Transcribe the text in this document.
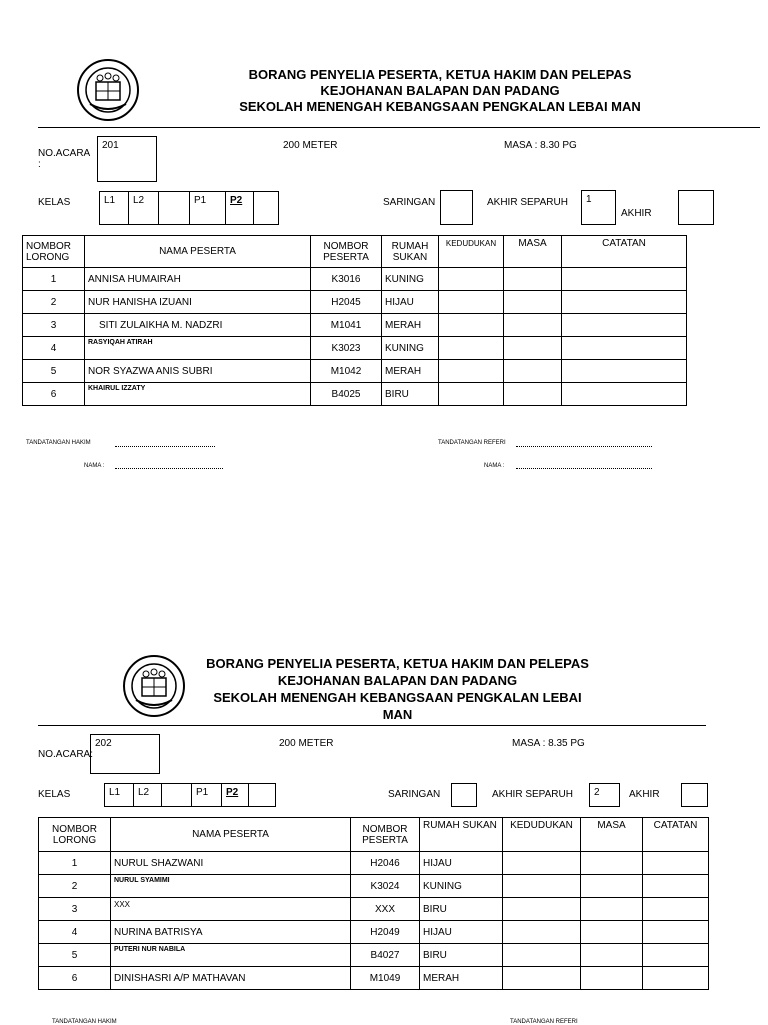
BORANG PENYELIA PESERTA, KETUA HAKIM DAN PELEPAS
KEJOHANAN BALAPAN DAN PADANG
SEKOLAH MENENGAH KEBANGSAAN PENGKALAN LEBAI MAN
NO.ACARA :
201	200 METER	MASA : 8.30 PG
KELAS	L1	L2	P1	P2	SARINGAN	AKHIR SEPARUH	1
AKHIR
NOMBOR LORONG	NAMA PESERTA	NOMBOR PESERTA	RUMAH SUKAN	KEDUDUKAN	MASA	CATATAN
1	ANNISA HUMAIRAH	K3016	KUNING			
2	NUR HANISHA IZUANI	H2045	HIJAU			
3	SITI ZULAIKHA M. NADZRI	M1041	MERAH			
4	RASYIQAH ATIRAH	K3023	KUNING			
5	NOR SYAZWA ANIS SUBRI	M1042	MERAH			
6	KHAIRUL IZZATY	B4025	BIRU			
TANDATANGAN HAKIM
NAMA :
TANDATANGAN REFERI
NAMA :
BORANG PENYELIA PESERTA, KETUA HAKIM DAN PELEPAS
KEJOHANAN BALAPAN DAN PADANG
SEKOLAH MENENGAH KEBANGSAAN PENGKALAN LEBAI
MAN
NO.ACARA:
202	200 METER	MASA : 8.35 PG
KELAS	L1	L2	P1	P2	SARINGAN	AKHIR SEPARUH	2	AKHIR
NOMBOR LORONG	NAMA PESERTA	NOMBOR PESERTA	RUMAH SUKAN	KEDUDUKAN	MASA	CATATAN
1	NURUL SHAZWANI	H2046	HIJAU			
2	NURUL SYAMIMI	K3024	KUNING			
3	XXX	XXX	BIRU			
4	NURINA BATRISYA	H2049	HIJAU			
5	PUTERI NUR NABILA	B4027	BIRU			
6	DINISHASRI A/P MATHAVAN	M1049	MERAH			
TANDATANGAN HAKIM	TANDATANGAN REFERI
